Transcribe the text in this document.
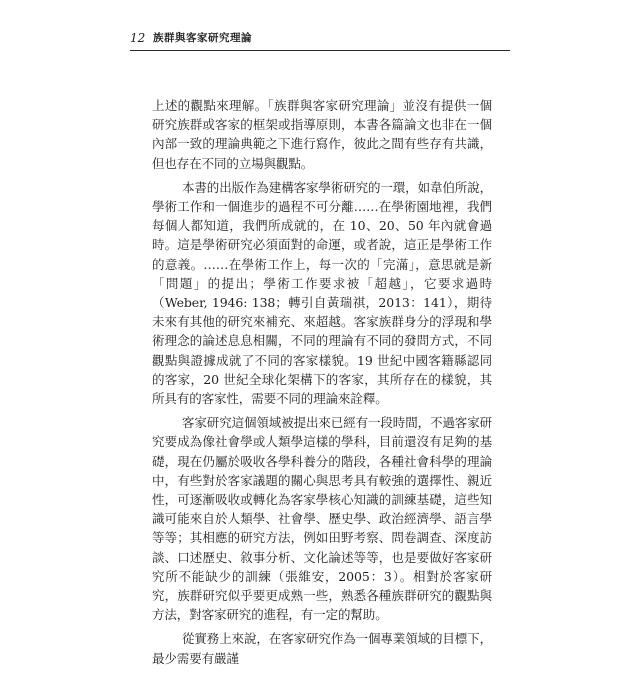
12 族群與客家研究理論

上述的觀點來理解。「族群與客家研究理論」並沒有提供一個研究族群或客家的框架或指導原則，本書各篇論文也非在一個內部一致的理論典範之下進行寫作，彼此之間有些存有共識，但也存在不同的立場與觀點。

本書的出版作為建構客家學術研究的一環，如韋伯所說，學術工作和一個進步的過程不可分離……在學術園地裡，我們每個人都知道，我們所成就的，在 10、20、50 年內就會過時。這是學術研究必須面對的命運，或者說，這正是學術工作的意義。……在學術工作上，每一次的「完滿」，意思就是新「問題」的提出；學術工作要求被「超越」，它要求過時（Weber, 1946: 138；轉引自黃瑞祺，2013：141），期待未來有其他的研究來補充、來超越。客家族群身分的浮現和學術理念的論述息息相關，不同的理論有不同的發問方式，不同觀點與證據成就了不同的客家樣貌。19 世紀中國客籍縣認同的客家，20 世紀全球化架構下的客家，其所存在的樣貌，其所具有的客家性，需要不同的理論來詮釋。

客家研究這個領域被提出來已經有一段時間，不過客家研究要成為像社會學或人類學這樣的學科，目前還沒有足夠的基礎，現在仍屬於吸收各學科養分的階段，各種社會科學的理論中，有些對於客家議題的關心與思考具有較強的選擇性、親近性，可逐漸吸收或轉化為客家學核心知識的訓練基礎，這些知識可能來自於人類學、社會學、歷史學、政治經濟學、語言學等等；其相應的研究方法，例如田野考察、問卷調查、深度訪談、口述歷史、敘事分析、文化論述等等，也是要做好客家研究所不能缺少的訓練（張維安，2005：3）。相對於客家研究，族群研究似乎要更成熟一些，熟悉各種族群研究的觀點與方法，對客家研究的進程，有一定的幫助。

從實務上來說，在客家研究作為一個專業領域的目標下，最少需要有嚴謹
